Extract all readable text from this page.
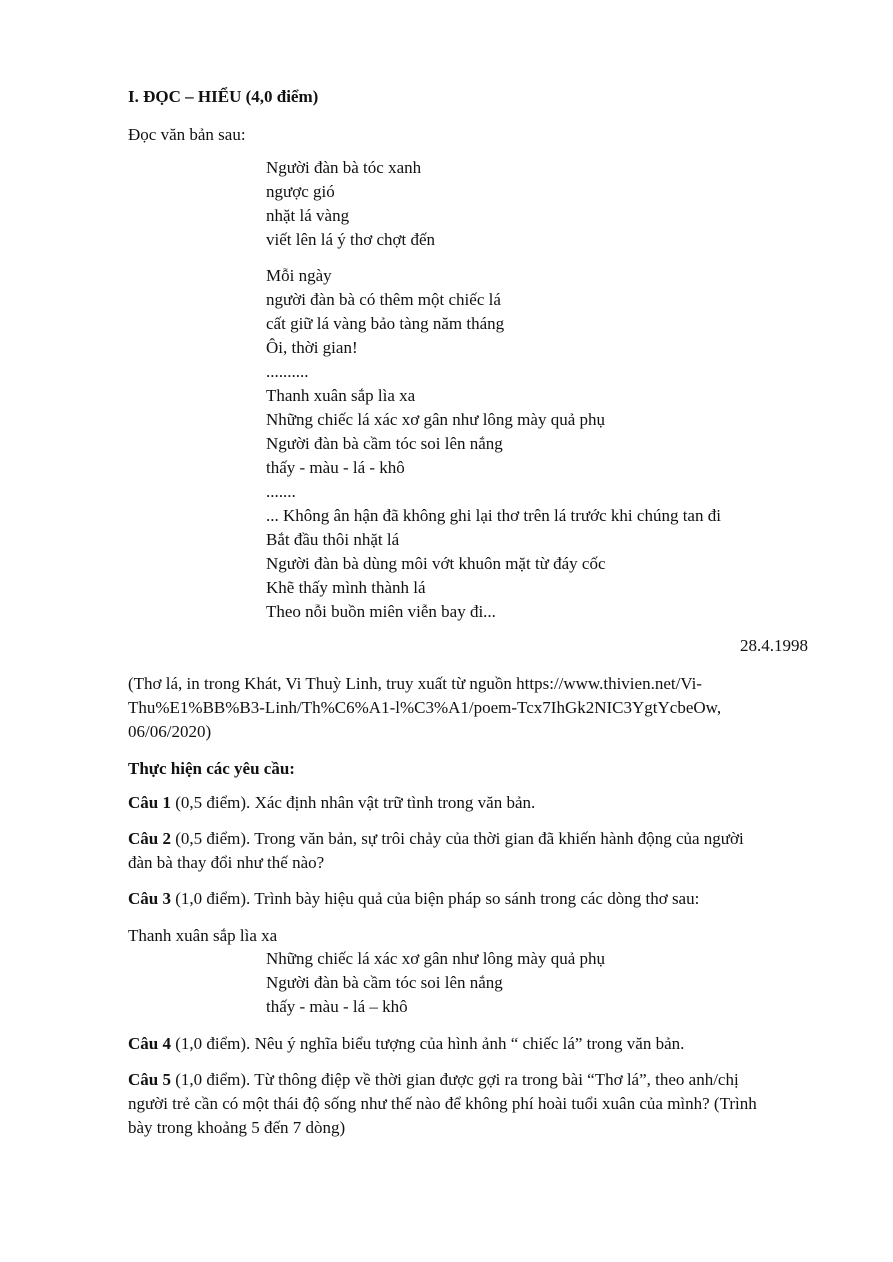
I. ĐỌC – HIỂU (4,0 điểm)
Đọc văn bản sau:
Người đàn bà tóc xanh
ngược gió
nhặt lá vàng
viết lên lá ý thơ chợt đến
Mỗi ngày
người đàn bà có thêm một chiếc lá
cất giữ lá vàng bảo tàng năm tháng
Ôi, thời gian!
..........
Thanh xuân sắp lìa xa
Những chiếc lá xác xơ gân như lông mày quả phụ
Người đàn bà cầm tóc soi lên nắng
thấy - màu - lá - khô
.......
... Không ân hận đã không ghi lại thơ trên lá trước khi chúng tan đi
Bắt đầu thôi nhặt lá
Người đàn bà dùng môi vớt khuôn mặt từ đáy cốc
Khẽ thấy mình thành lá
Theo nỗi buồn miên viễn bay đi...
28.4.1998
(Thơ lá, in trong Khát, Vi Thuỳ Linh, truy xuất từ nguồn https://www.thivien.net/Vi-
Thu%E1%BB%B3-Linh/Th%C6%A1-l%C3%A1/poem-Tcx7IhGk2NIC3YgtYcbeOw,
06/06/2020)
Thực hiện các yêu cầu:
Câu 1 (0,5 điểm). Xác định nhân vật trữ tình trong văn bản.
Câu 2 (0,5 điểm). Trong văn bản, sự trôi chảy của thời gian đã khiến hành động của người
đàn bà thay đổi như thế nào?
Câu 3 (1,0 điểm). Trình bày hiệu quả của biện pháp so sánh trong các dòng thơ sau:
Thanh xuân sắp lìa xa
Những chiếc lá xác xơ gân như lông mày quả phụ
Người đàn bà cầm tóc soi lên nắng
thấy - màu - lá – khô
Câu 4 (1,0 điểm). Nêu ý nghĩa biểu tượng của hình ảnh “ chiếc lá” trong văn bản.
Câu 5 (1,0 điểm). Từ thông điệp về thời gian được gợi ra trong bài “Thơ lá”, theo anh/chị
người trẻ cần có một thái độ sống như thế nào để không phí hoài tuổi xuân của mình? (Trình
bày trong khoảng 5 đến 7 dòng)
